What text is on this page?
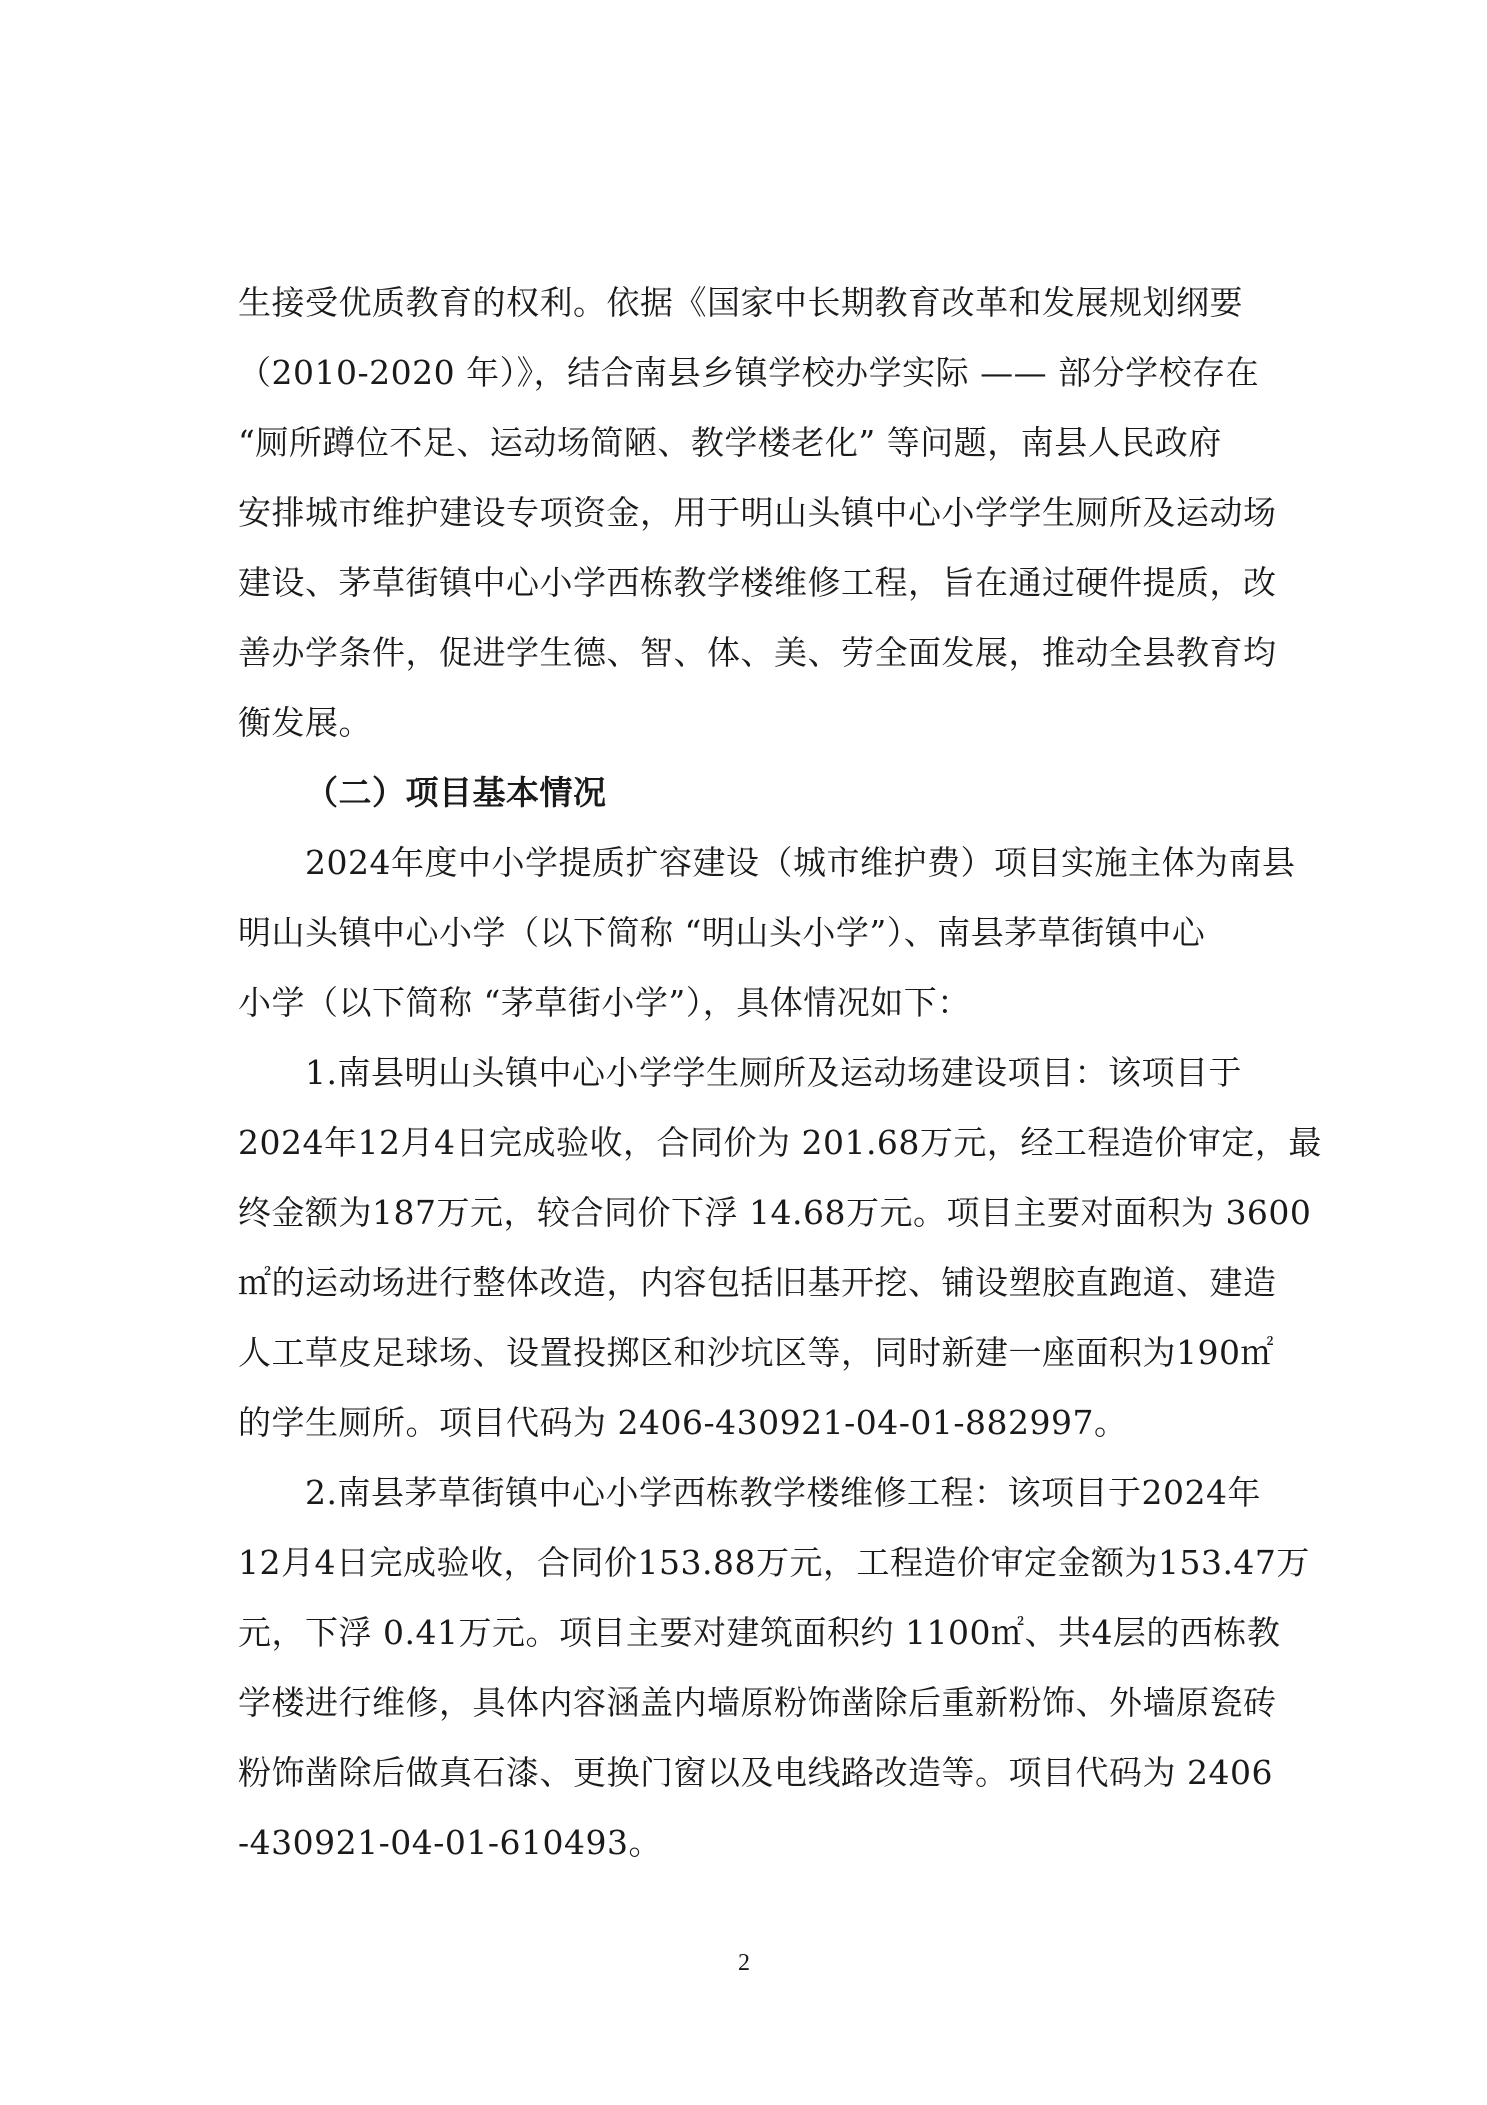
生接受优质教育的权利。依据《国家中长期教育改革和发展规划纲要
（2010-2020 年）》，结合南县乡镇学校办学实际 —— 部分学校存在
“厕所蹲位不足、运动场简陋、教学楼老化” 等问题，南县人民政府
安排城市维护建设专项资金，用于明山头镇中心小学学生厕所及运动场
建设、茅草街镇中心小学西栋教学楼维修工程，旨在通过硬件提质，改
善办学条件，促进学生德、智、体、美、劳全面发展，推动全县教育均
衡发展。
（二）项目基本情况
2024年度中小学提质扩容建设（城市维护费）项目实施主体为南县
明山头镇中心小学（以下简称 “明山头小学”）、南县茅草街镇中心
小学（以下简称 “茅草街小学”），具体情况如下：
1.南县明山头镇中心小学学生厕所及运动场建设项目：该项目于
2024年12月4日完成验收，合同价为 201.68万元，经工程造价审定，最
终金额为187万元，较合同价下浮 14.68万元。项目主要对面积为 3600
㎡的运动场进行整体改造，内容包括旧基开挖、铺设塑胶直跑道、建造
人工草皮足球场、设置投掷区和沙坑区等，同时新建一座面积为190㎡
的学生厕所。项目代码为 2406-430921-04-01-882997。
2.南县茅草街镇中心小学西栋教学楼维修工程：该项目于2024年
12月4日完成验收，合同价153.88万元，工程造价审定金额为153.47万
元，下浮 0.41万元。项目主要对建筑面积约 1100㎡、共4层的西栋教
学楼进行维修，具体内容涵盖内墙原粉饰凿除后重新粉饰、外墙原瓷砖
粉饰凿除后做真石漆、更换门窗以及电线路改造等。项目代码为 2406
-430921-04-01-610493。
2
